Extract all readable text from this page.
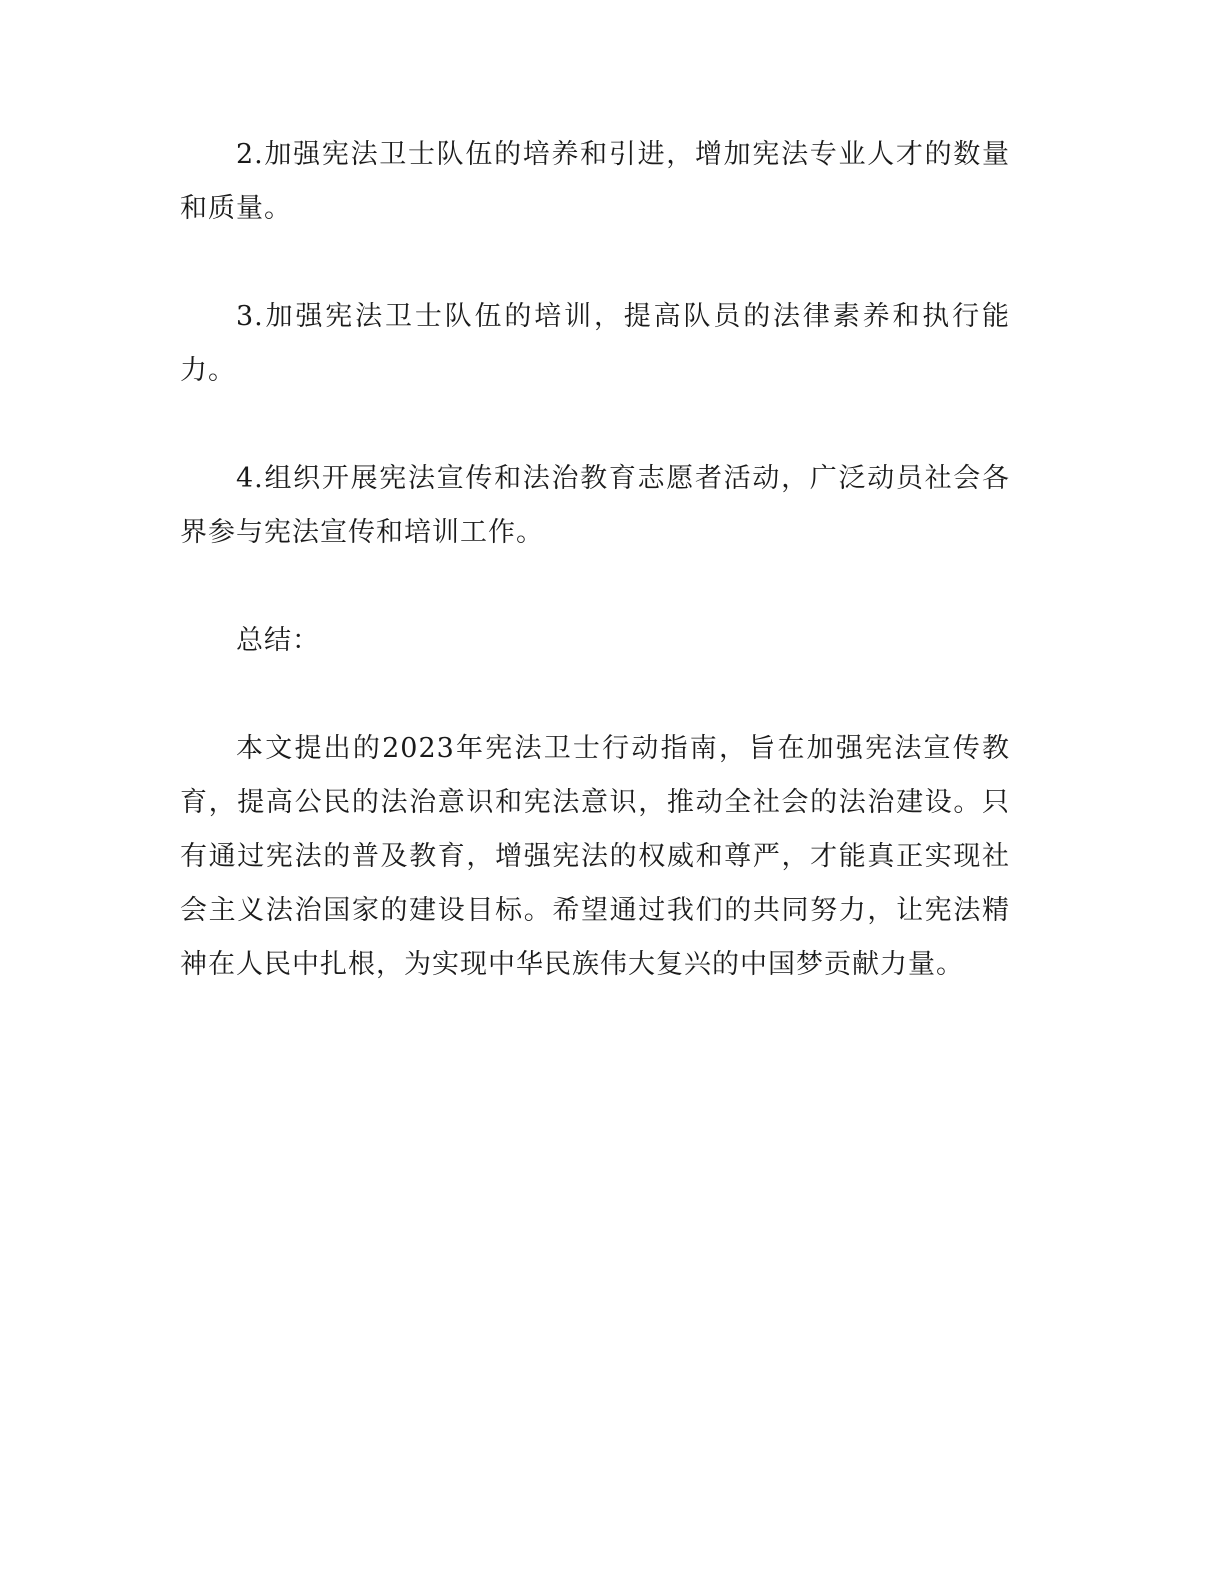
2.加强宪法卫士队伍的培养和引进，增加宪法专业人才的数量和质量。

3.加强宪法卫士队伍的培训，提高队员的法律素养和执行能力。

4.组织开展宪法宣传和法治教育志愿者活动，广泛动员社会各界参与宪法宣传和培训工作。

总结：

本文提出的2023年宪法卫士行动指南，旨在加强宪法宣传教育，提高公民的法治意识和宪法意识，推动全社会的法治建设。只有通过宪法的普及教育，增强宪法的权威和尊严，才能真正实现社会主义法治国家的建设目标。希望通过我们的共同努力，让宪法精神在人民中扎根，为实现中华民族伟大复兴的中国梦贡献力量。
